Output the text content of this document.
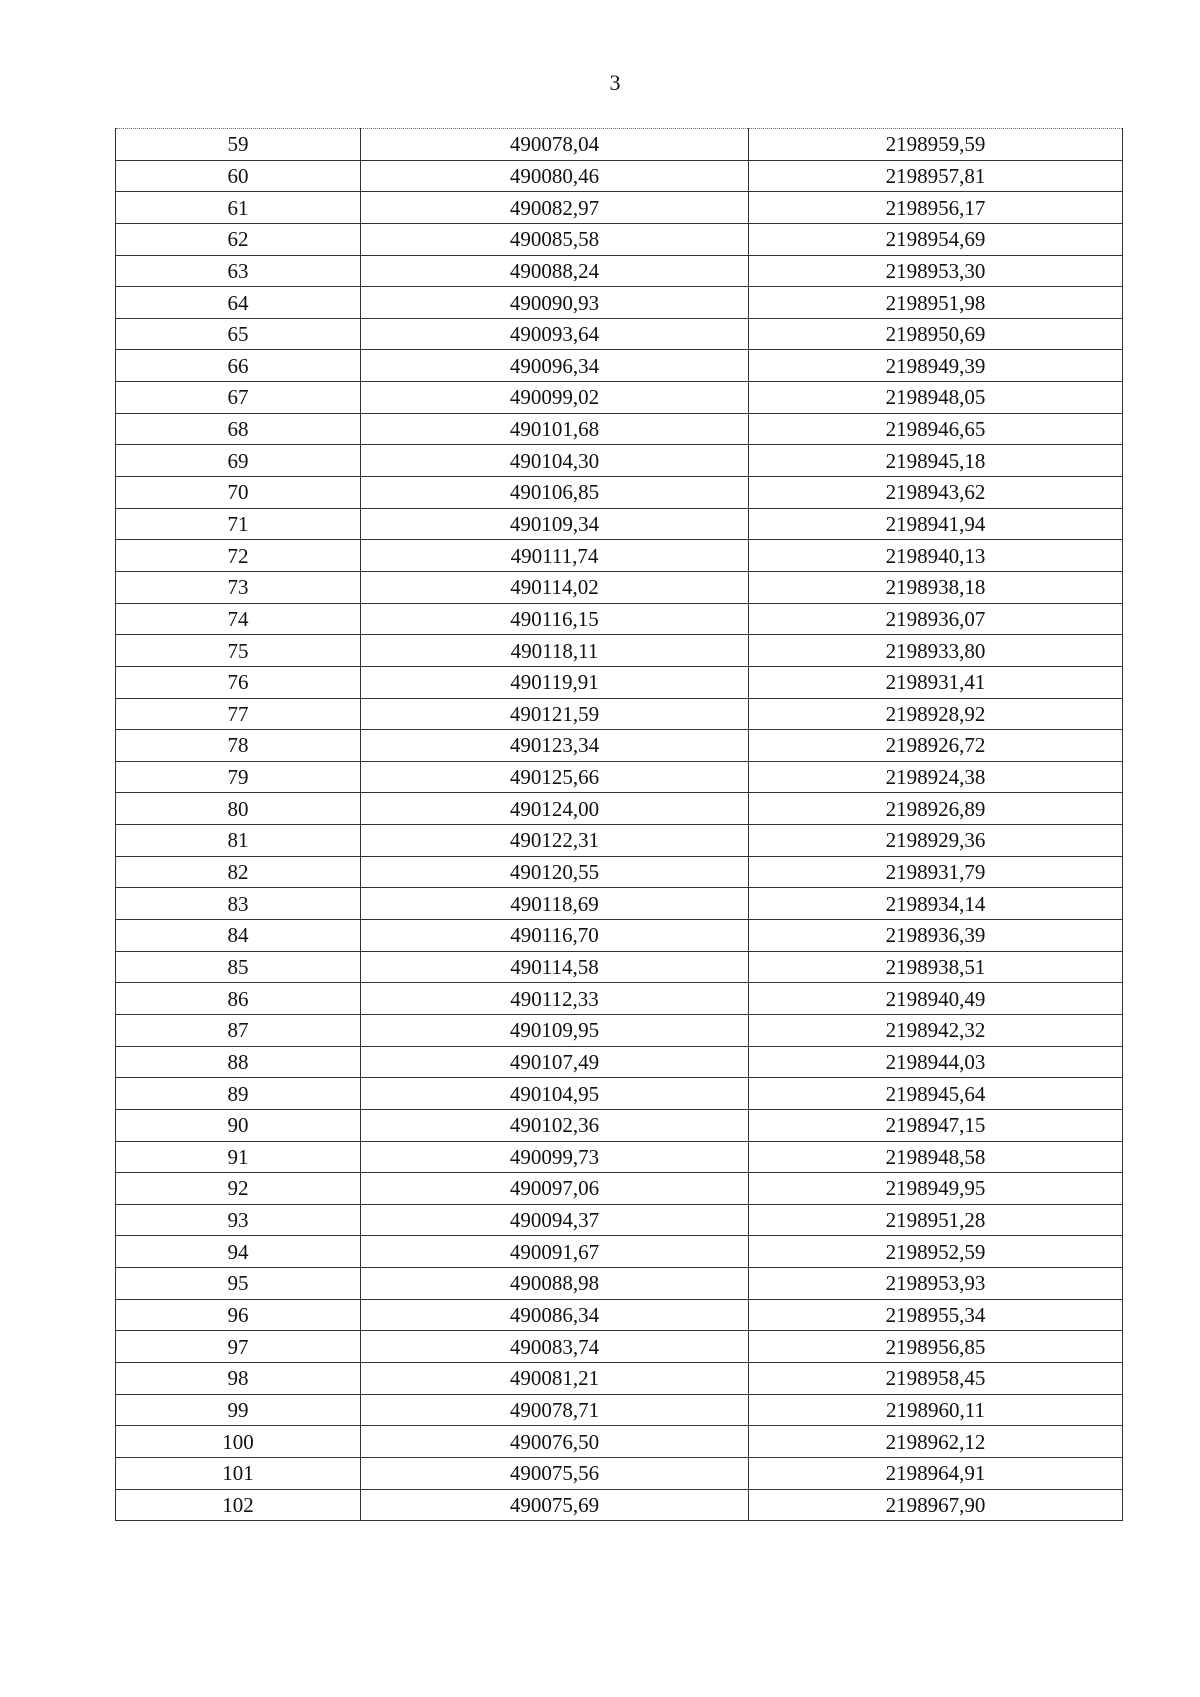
3
59	490078,04	2198959,59
60	490080,46	2198957,81
61	490082,97	2198956,17
62	490085,58	2198954,69
63	490088,24	2198953,30
64	490090,93	2198951,98
65	490093,64	2198950,69
66	490096,34	2198949,39
67	490099,02	2198948,05
68	490101,68	2198946,65
69	490104,30	2198945,18
70	490106,85	2198943,62
71	490109,34	2198941,94
72	490111,74	2198940,13
73	490114,02	2198938,18
74	490116,15	2198936,07
75	490118,11	2198933,80
76	490119,91	2198931,41
77	490121,59	2198928,92
78	490123,34	2198926,72
79	490125,66	2198924,38
80	490124,00	2198926,89
81	490122,31	2198929,36
82	490120,55	2198931,79
83	490118,69	2198934,14
84	490116,70	2198936,39
85	490114,58	2198938,51
86	490112,33	2198940,49
87	490109,95	2198942,32
88	490107,49	2198944,03
89	490104,95	2198945,64
90	490102,36	2198947,15
91	490099,73	2198948,58
92	490097,06	2198949,95
93	490094,37	2198951,28
94	490091,67	2198952,59
95	490088,98	2198953,93
96	490086,34	2198955,34
97	490083,74	2198956,85
98	490081,21	2198958,45
99	490078,71	2198960,11
100	490076,50	2198962,12
101	490075,56	2198964,91
102	490075,69	2198967,90
